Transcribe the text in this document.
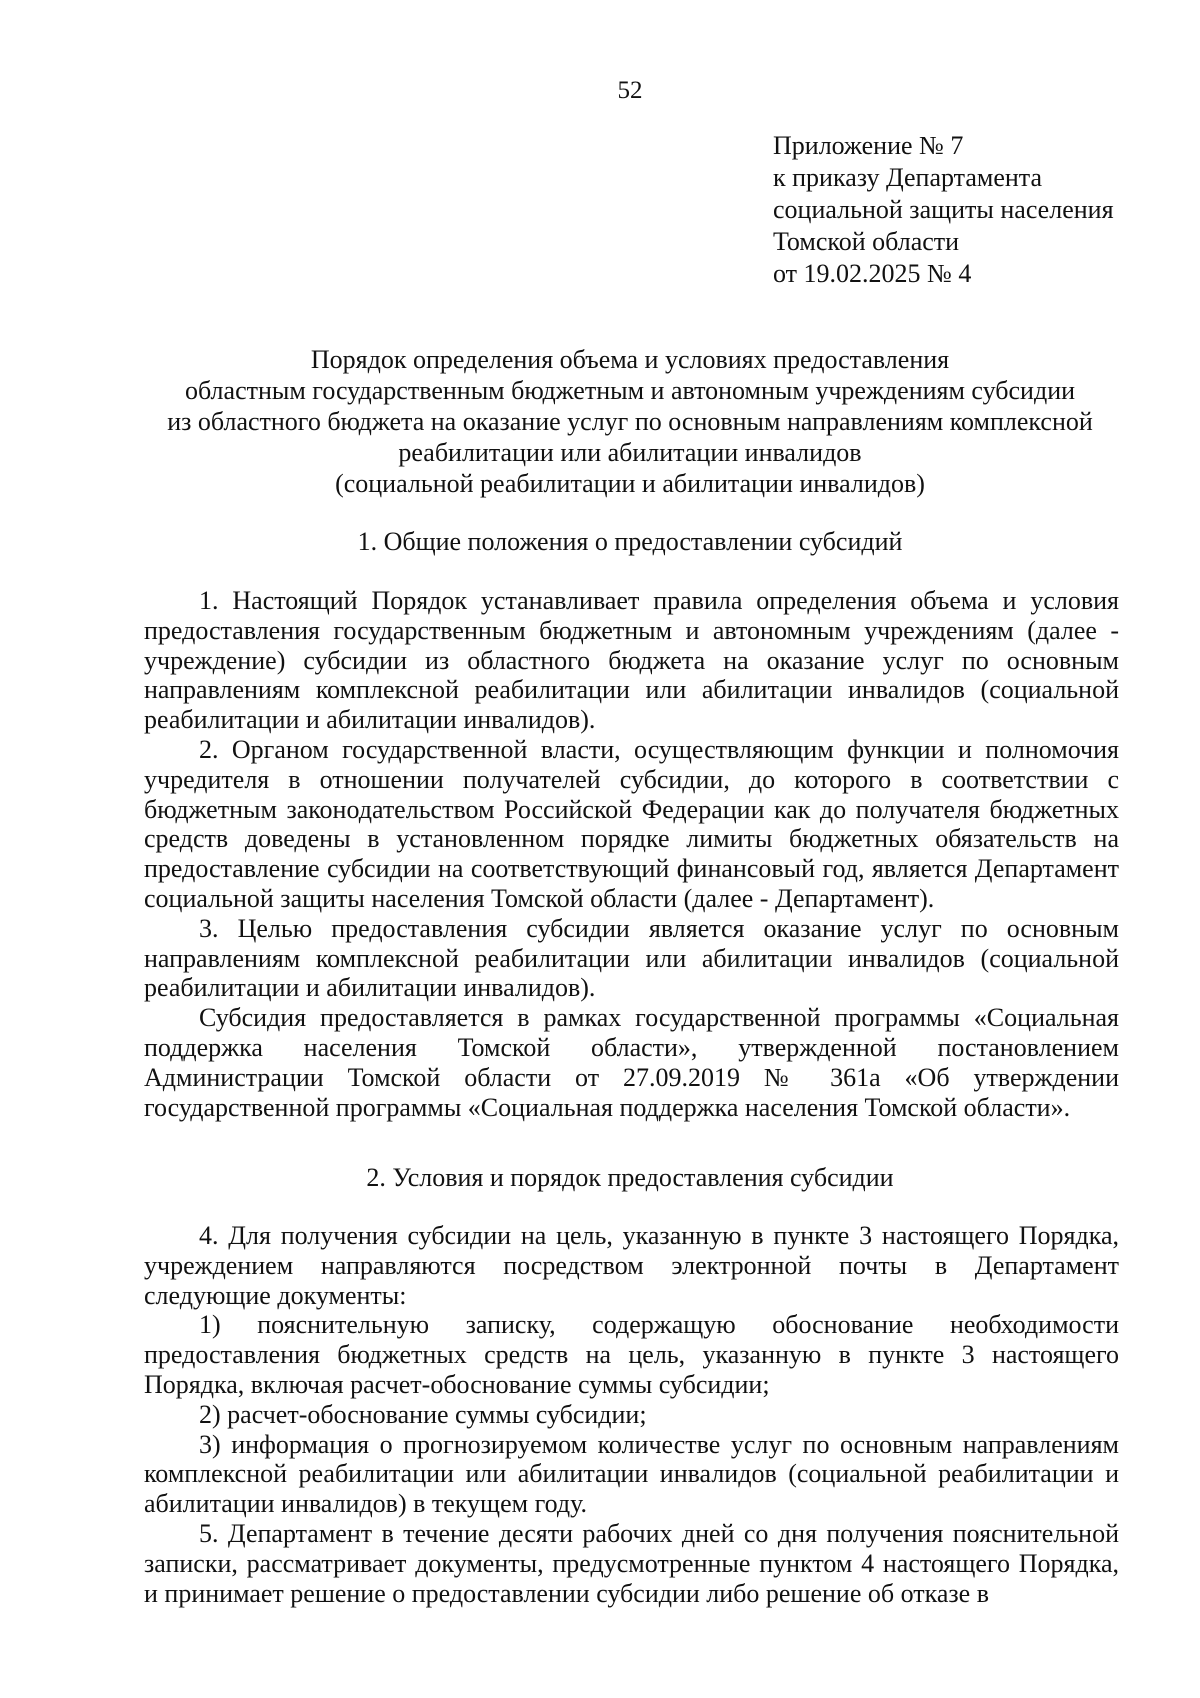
52
Приложение № 7
к приказу Департамента
социальной защиты населения
Томской области
от 19.02.2025 № 4
Порядок определения объема и условиях предоставления
областным государственным бюджетным и автономным учреждениям субсидии
из областного бюджета на оказание услуг по основным направлениям комплексной
реабилитации или абилитации инвалидов
(социальной реабилитации и абилитации инвалидов)
1. Общие положения о предоставлении субсидий

1. Настоящий Порядок устанавливает правила определения объема и условия предоставления государственным бюджетным и автономным учреждениям (далее - учреждение) субсидии из областного бюджета на оказание услуг по основным направлениям комплексной реабилитации или абилитации инвалидов (социальной реабилитации и абилитации инвалидов).

2. Органом государственной власти, осуществляющим функции и полномочия учредителя в отношении получателей субсидии, до которого в соответствии с бюджетным законодательством Российской Федерации как до получателя бюджетных средств доведены в установленном порядке лимиты бюджетных обязательств на предоставление субсидии на соответствующий финансовый год, является Департамент социальной защиты населения Томской области (далее - Департамент).

3. Целью предоставления субсидии является оказание услуг по основным направлениям комплексной реабилитации или абилитации инвалидов (социальной реабилитации и абилитации инвалидов).

Субсидия предоставляется в рамках государственной программы «Социальная поддержка населения Томской области», утвержденной постановлением Администрации Томской области от 27.09.2019 № 361а «Об утверждении государственной программы «Социальная поддержка населения Томской области».

2. Условия и порядок предоставления субсидии

4. Для получения субсидии на цель, указанную в пункте 3 настоящего Порядка, учреждением направляются посредством электронной почты в Департамент следующие документы:

1) пояснительную записку, содержащую обоснование необходимости предоставления бюджетных средств на цель, указанную в пункте 3 настоящего Порядка, включая расчет-обоснование суммы субсидии;

2) расчет-обоснование суммы субсидии;

3) информация о прогнозируемом количестве услуг по основным направлениям комплексной реабилитации или абилитации инвалидов (социальной реабилитации и абилитации инвалидов) в текущем году.

5. Департамент в течение десяти рабочих дней со дня получения пояснительной записки, рассматривает документы, предусмотренные пунктом 4 настоящего Порядка, и принимает решение о предоставлении субсидии либо решение об отказе в
